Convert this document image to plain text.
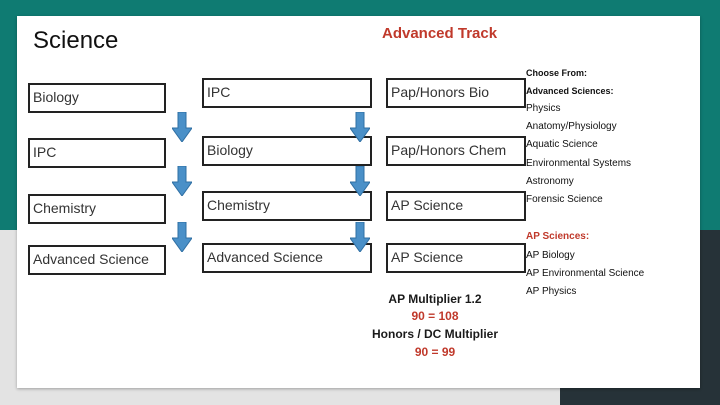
Science	Advanced Track
Biology
IPC
Chemistry
Advanced Science
IPC
Biology
Chemistry
Advanced Science
Pap/Honors Bio
Pap/Honors Chem
AP Science
AP Science
AP Multiplier 1.2
90 = 108
Honors / DC Multiplier
90 = 99
Choose From:
Advanced Sciences:
Physics
Anatomy/Physiology
Aquatic Science
Environmental Systems
Astronomy
Forensic Science
AP Sciences:
AP Biology
AP Environmental Science
AP Physics
